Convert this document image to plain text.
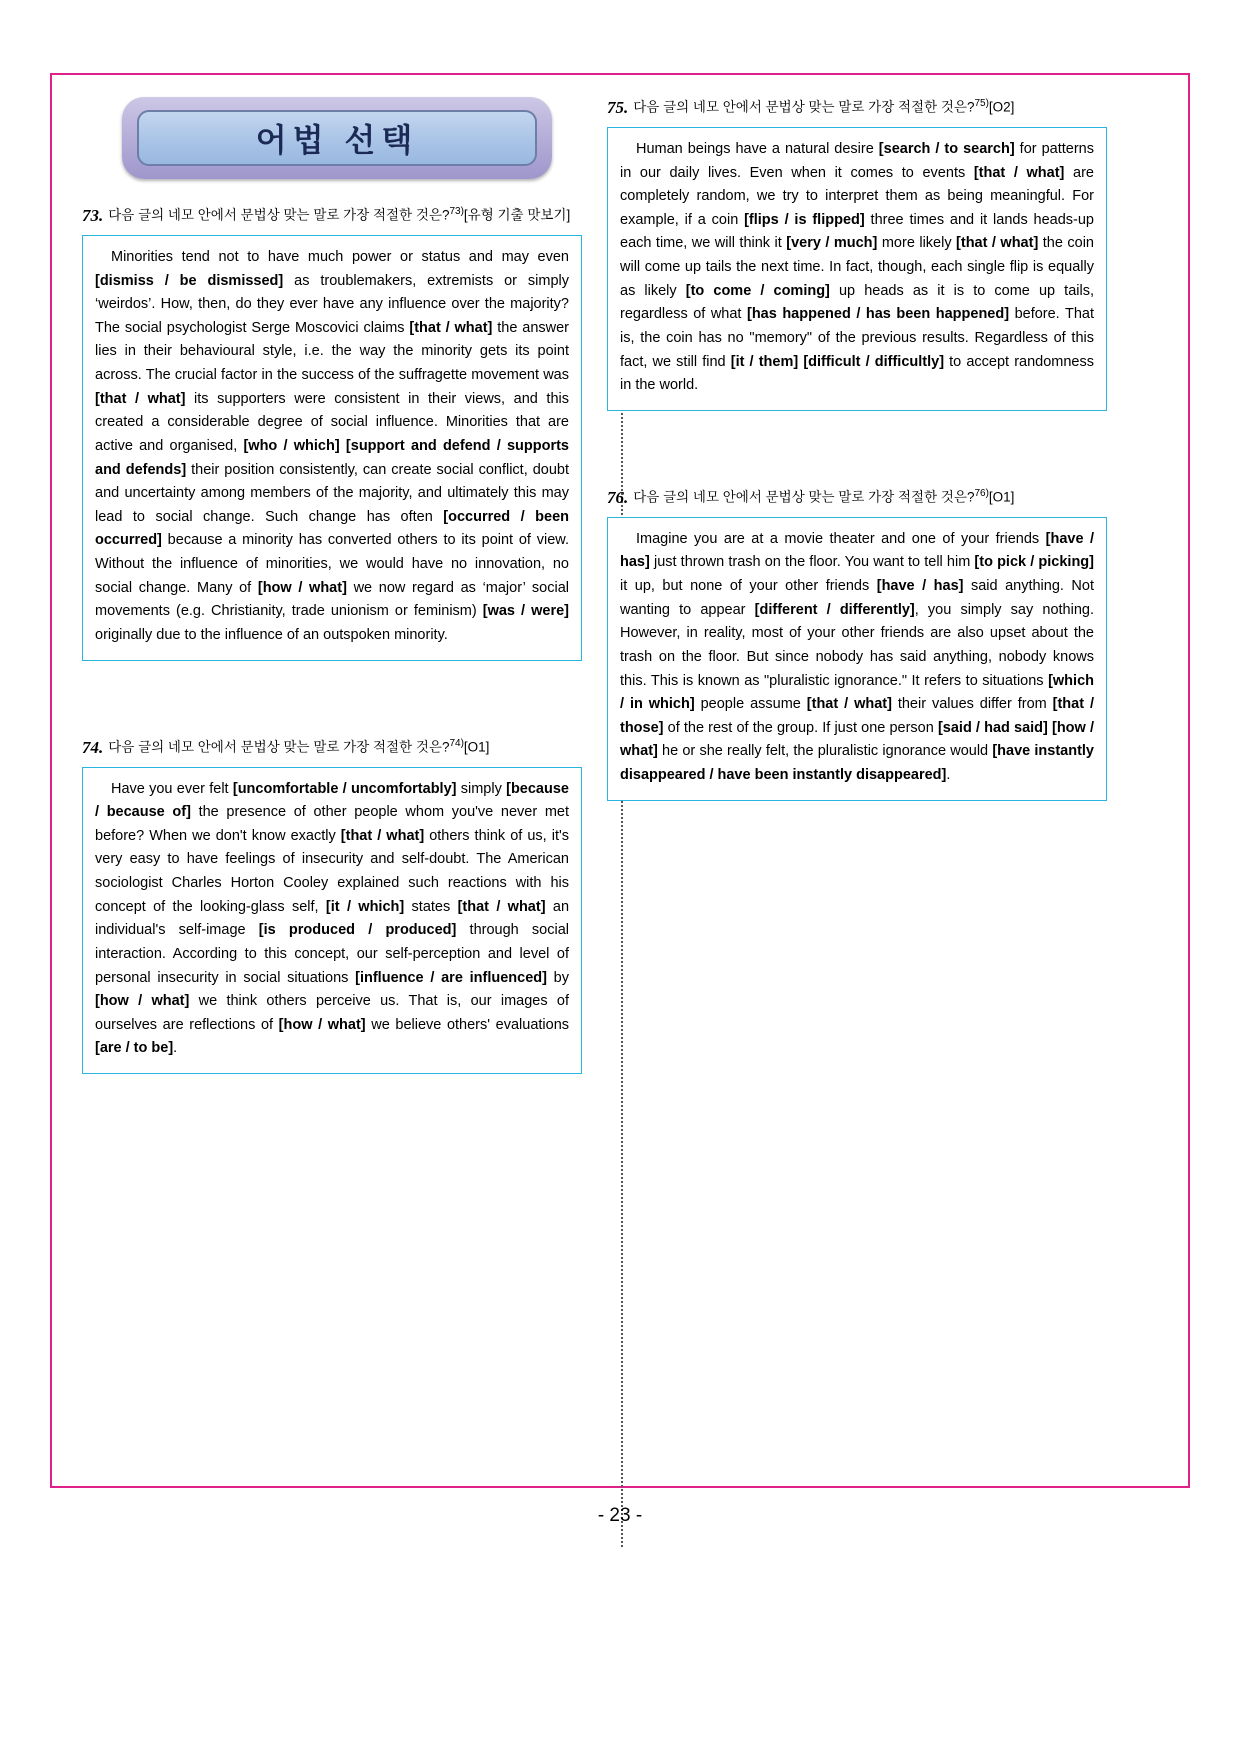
어법 선택
73. 다음 글의 네모 안에서 문법상 맞는 말로 가장 적절한 것은?$^{73)}$[유형 기출 맛보기]
Minorities tend not to have much power or status and may even [dismiss / be dismissed] as troublemakers, extremists or simply ‘weirdos’. How, then, do they ever have any influence over the majority? The social psychologist Serge Moscovici claims [that / what] the answer lies in their behavioural style, i.e. the way the minority gets its point across. The crucial factor in the success of the suffragette movement was [that / what] its supporters were consistent in their views, and this created a considerable degree of social influence. Minorities that are active and organised, [who / which] [support and defend / supports and defends] their position consistently, can create social conflict, doubt and uncertainty among members of the majority, and ultimately this may lead to social change. Such change has often [occurred / been occurred] because a minority has converted others to its point of view. Without the influence of minorities, we would have no innovation, no social change. Many of [how / what] we now regard as ‘major’ social movements (e.g. Christianity, trade unionism or feminism) [was / were] originally due to the influence of an outspoken minority.
74. 다음 글의 네모 안에서 문법상 맞는 말로 가장 적절한 것은?$^{74)}$[O1]
Have you ever felt [uncomfortable / uncomfortably] simply [because / because of] the presence of other people whom you've never met before? When we don't know exactly [that / what] others think of us, it's very easy to have feelings of insecurity and self-doubt. The American sociologist Charles Horton Cooley explained such reactions with his concept of the looking-glass self, [it / which] states [that / what] an individual's self-image [is produced / produced] through social interaction. According to this concept, our self-perception and level of personal insecurity in social situations [influence / are influenced] by [how / what] we think others perceive us. That is, our images of ourselves are reflections of [how / what] we believe others' evaluations [are / to be].
75. 다음 글의 네모 안에서 문법상 맞는 말로 가장 적절한 것은?$^{75)}$[O2]
Human beings have a natural desire [search / to search] for patterns in our daily lives. Even when it comes to events [that / what] are completely random, we try to interpret them as being meaningful. For example, if a coin [flips / is flipped] three times and it lands heads-up each time, we will think it [very / much] more likely [that / what] the coin will come up tails the next time. In fact, though, each single flip is equally as likely [to come / coming] up heads as it is to come up tails, regardless of what [has happened / has been happened] before. That is, the coin has no "memory" of the previous results. Regardless of this fact, we still find [it / them] [difficult / difficultly] to accept randomness in the world.
76. 다음 글의 네모 안에서 문법상 맞는 말로 가장 적절한 것은?$^{76)}$[O1]
Imagine you are at a movie theater and one of your friends [have / has] just thrown trash on the floor. You want to tell him [to pick / picking] it up, but none of your other friends [have / has] said anything. Not wanting to appear [different / differently], you simply say nothing. However, in reality, most of your other friends are also upset about the trash on the floor. But since nobody has said anything, nobody knows this. This is known as "pluralistic ignorance." It refers to situations [which / in which] people assume [that / what] their values differ from [that / those] of the rest of the group. If just one person [said / had said] [how / what] he or she really felt, the pluralistic ignorance would [have instantly disappeared / have been instantly disappeared].
- 23 -
